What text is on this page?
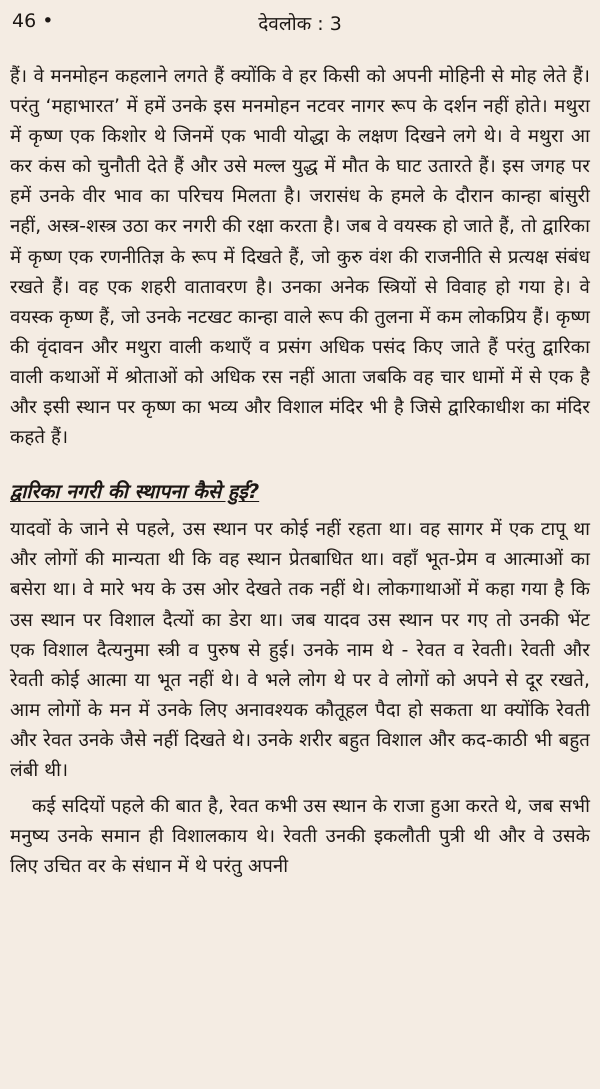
46 •	देवलोक : 3

हैं। वे मनमोहन कहलाने लगते हैं क्योंकि वे हर किसी को अपनी मोहिनी से मोह लेते हैं। परंतु ‘महाभारत’ में हमें उनके इस मनमोहन नटवर नागर रूप के दर्शन नहीं होते। मथुरा में कृष्ण एक किशोर थे जिनमें एक भावी योद्धा के लक्षण दिखने लगे थे। वे मथुरा आ कर कंस को चुनौती देते हैं और उसे मल्ल युद्ध में मौत के घाट उतारते हैं। इस जगह पर हमें उनके वीर भाव का परिचय मिलता है। जरासंध के हमले के दौरान कान्हा बांसुरी नहीं, अस्त्र-शस्त्र उठा कर नगरी की रक्षा करता है। जब वे वयस्क हो जाते हैं, तो द्वारिका में कृष्ण एक रणनीतिज्ञ के रूप में दिखते हैं, जो कुरु वंश की राजनीति से प्रत्यक्ष संबंध रखते हैं। वह एक शहरी वातावरण है। उनका अनेक स्त्रियों से विवाह हो गया हे। वे वयस्क कृष्ण हैं, जो उनके नटखट कान्हा वाले रूप की तुलना में कम लोकप्रिय हैं। कृष्ण की वृंदावन और मथुरा वाली कथाएँ व प्रसंग अधिक पसंद किए जाते हैं परंतु द्वारिका वाली कथाओं में श्रोताओं को अधिक रस नहीं आता जबकि वह चार धामों में से एक है और इसी स्थान पर कृष्ण का भव्य और विशाल मंदिर भी है जिसे द्वारिकाधीश का मंदिर कहते हैं।

द्वारिका नगरी की स्थापना कैसे हुई?

यादवों के जाने से पहले, उस स्थान पर कोई नहीं रहता था। वह सागर में एक टापू था और लोगों की मान्यता थी कि वह स्थान प्रेतबाधित था। वहाँ भूत-प्रेम व आत्माओं का बसेरा था। वे मारे भय के उस ओर देखते तक नहीं थे। लोकगाथाओं में कहा गया है कि उस स्थान पर विशाल दैत्यों का डेरा था। जब यादव उस स्थान पर गए तो उनकी भेंट एक विशाल दैत्यनुमा स्त्री व पुरुष से हुई। उनके नाम थे - रेवत व रेवती। रेवती और रेवती कोई आत्मा या भूत नहीं थे। वे भले लोग थे पर वे लोगों को अपने से दूर रखते, आम लोगों के मन में उनके लिए अनावश्यक कौतूहल पैदा हो सकता था क्योंकि रेवती और रेवत उनके जैसे नहीं दिखते थे। उनके शरीर बहुत विशाल और कद-काठी भी बहुत लंबी थी।

कई सदियों पहले की बात है, रेवत कभी उस स्थान के राजा हुआ करते थे, जब सभी मनुष्य उनके समान ही विशालकाय थे। रेवती उनकी इकलौती पुत्री थी और वे उसके लिए उचित वर के संधान में थे परंतु अपनी
